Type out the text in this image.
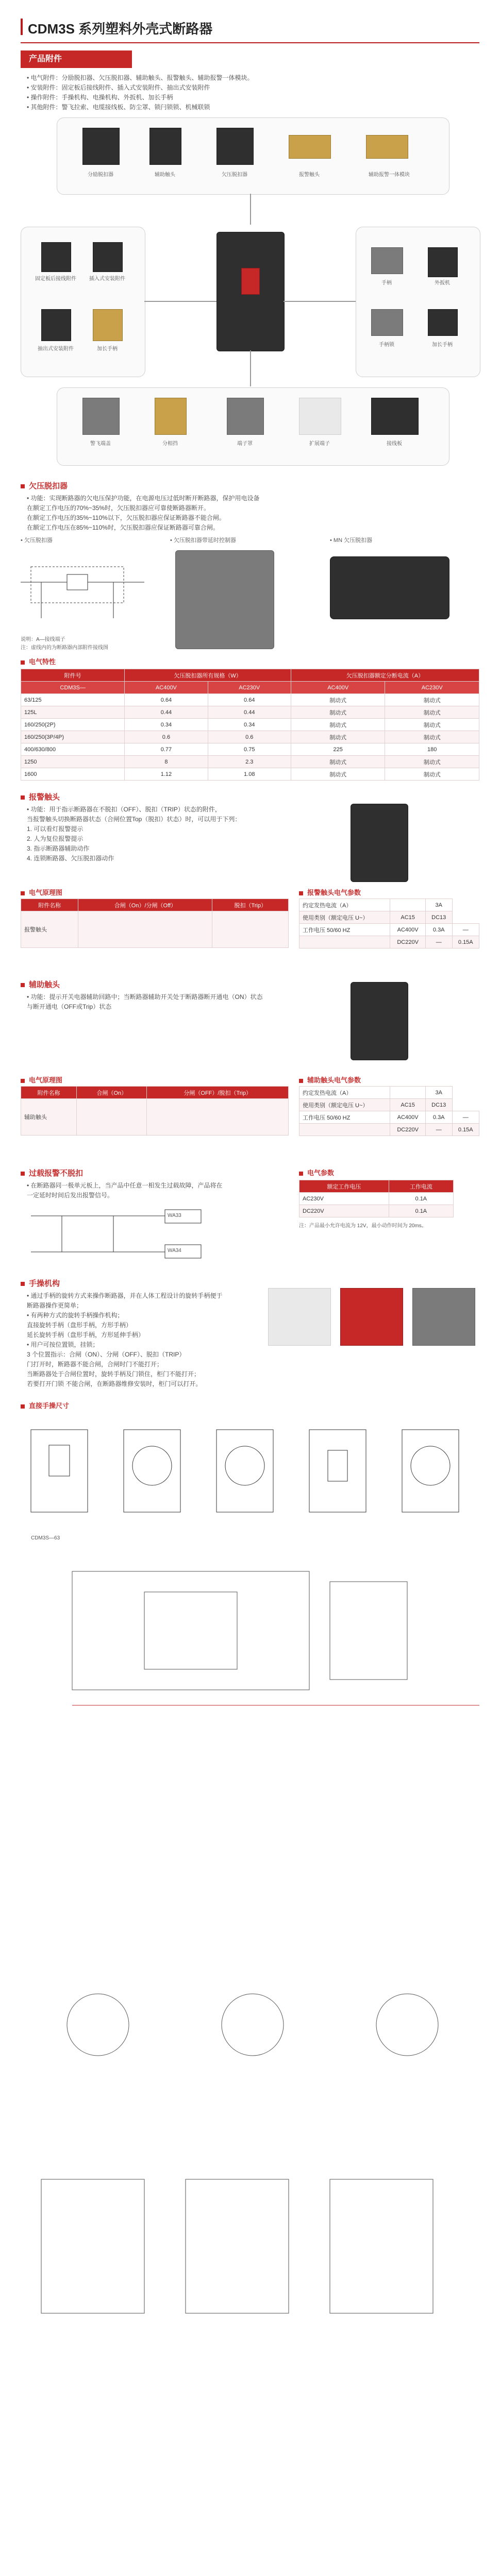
CDM3S 系列塑料外壳式断路器
产品附件
• 电气附件：分励脱扣器、欠压脱扣器、辅助触头、报警触头、辅助报警一体模块。
• 安装附件：固定板后接线附件、插入式安装附件、抽出式安装附件
• 操作附件：手操机构、电操机构、外扳机、加长手柄
• 其他附件：警飞拉索、电缆接线板、防尘罩、锁闩锁锁、机械联锁
分励脱扣器	辅助触头	欠压脱扣器	报警触头	辅助报警一体模块
固定板后接线附件	插入式安装附件
抽出式安装附件	加长手柄
手柄	外扳机
手柄锁	加长手柄
警飞端盖	分相挡	端子罩	扩展端子	接线板
欠压脱扣器
• 功能：实现断路器的欠电压保护功能，在电源电压过低时断开断路器，保护用电设备
在额定工作电压的70%~35%时，欠压脱扣器应可靠使断路器断开。
在额定工作电压的35%~110%以下，欠压脱扣器应保证断路器不能合闸。
在额定工作电压在85%~110%时，欠压脱扣器应保证断路器可靠合闸。
• 欠压脱扣器	• 欠压脱扣器带延时控制器	• MN 欠压脱扣器
说明：A—接线端子
注：虚线内的为断路器内部附件接线图
电气特性
附件号	欠压脱扣器所有规格（W）		欠压脱扣器额定分断电流（A）	
CDM3S—	AC400V	AC230V	AC400V	AC230V
63/125	0.64	0.64	制动式	制动式
125L	0.44	0.44	制动式	制动式
160/250(2P)	0.34	0.34	制动式	制动式
160/250(3P/4P)	0.6	0.6	制动式	制动式
400/630/800	0.77	0.75	225	180
1250	8	2.3	制动式	制动式
1600	1.12	1.08	制动式	制动式
报警触头
• 功能：用于指示断路器在不脱扣（OFF）、脱扣（TRIP）状态的附件，
当报警触头切换断路器状态（合闸位置Top（脱扣）状态）时，可以用于下列：
1. 可以看灯报警提示
2. 人为复位报警提示
3. 指示断路器辅助动作
4. 连锁断路器、欠压脱扣器动作
电气原理图
附件名称	合闸（On）/分闸（Off）	脱扣（Trip）
报警触头		
报警触头电气参数
约定发热电流（A）		3A	
使用类别（额定电压 U~）	AC15	DC13	
工作电压 50/60 HZ	AC400V	0.3A	—
	DC220V	—	0.15A
辅助触头
• 功能：提示开关电器辅助回路中；当断路器辅助开关处于断路器断开通电（ON）状态
与断开通电（OFF或Trip）状态
电气原理图
附件名称	合闸（On）	分闸（OFF）/脱扣（Trip）
辅助触头		
辅助触头电气参数
约定发热电流（A）		3A	
使用类别（额定电压 U~）	AC15	DC13	
工作电压 50/60 HZ	AC400V	0.3A	—
	DC220V	—	0.15A
过载报警不脱扣
• 在断路器同一极单元板上，当产品中任意一相发生过载故障，产品将在
一定延时时间后发出报警信号。
WA33
WA34
电气参数
额定工作电压	工作电流
AC230V	0.1A
DC220V	0.1A
注：产品最小允许电流为 12V，最小动作时间为 20ms。
手操机构
• 通过手柄的旋转方式来操作断路器，并在人体工程设计的旋转手柄便于
断路器操作更简单；
• 有两种方式的旋转手柄操作机构；
直接旋转手柄（盘形手柄，方形手柄）
延长旋转手柄（盘形手柄，方形延伸手柄）
• 用户可按位置锁，挂锁；
3 个位置指示：合闸（ON）、分闸（OFF）、脱扣（TRIP）
门打开时，断路器不能合闸，合闸时门不能打开；
当断路器处于合闸位置时，旋转手柄及门锁住，柜门不能打开；
若要打开门锁 不能合闸，在断路器维修安装时，柜门可以打开。
直接手操尺寸
CDM3S—63
